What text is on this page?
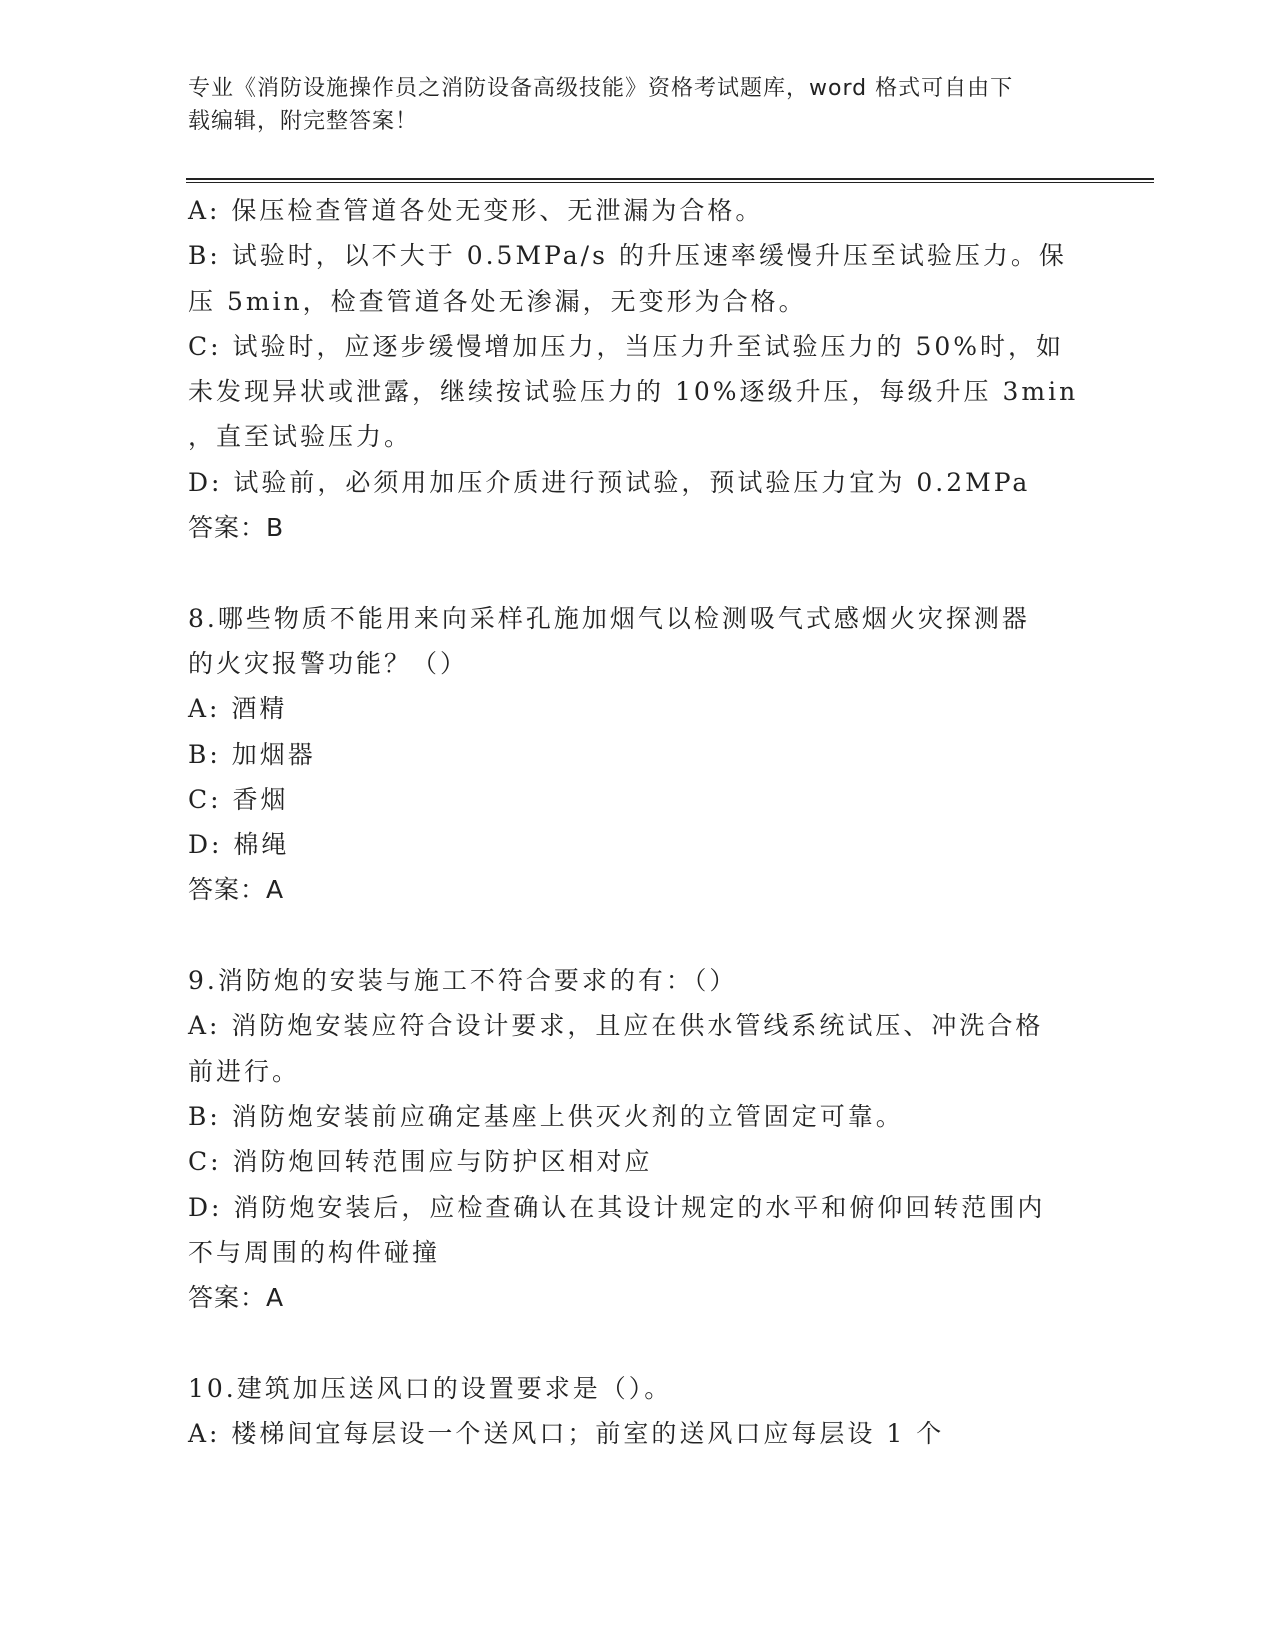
专业《消防设施操作员之消防设备高级技能》资格考试题库，word 格式可自由下
载编辑，附完整答案！
A: 保压检查管道各处无变形、无泄漏为合格。
B: 试验时，以不大于 0.5MPa/s 的升压速率缓慢升压至试验压力。保
压 5min，检查管道各处无渗漏，无变形为合格。
C: 试验时，应逐步缓慢增加压力，当压力升至试验压力的 50%时，如
未发现异状或泄露，继续按试验压力的 10%逐级升压，每级升压 3min
，直至试验压力。
D: 试验前，必须用加压介质进行预试验，预试验压力宜为 0.2MPa
答案：B
8.哪些物质不能用来向采样孔施加烟气以检测吸气式感烟火灾探测器
的火灾报警功能？（）
A: 酒精
B: 加烟器
C: 香烟
D: 棉绳
答案：A
9.消防炮的安装与施工不符合要求的有：（）
A: 消防炮安装应符合设计要求，且应在供水管线系统试压、冲洗合格
前进行。
B: 消防炮安装前应确定基座上供灭火剂的立管固定可靠。
C: 消防炮回转范围应与防护区相对应
D: 消防炮安装后，应检查确认在其设计规定的水平和俯仰回转范围内
不与周围的构件碰撞
答案：A
10.建筑加压送风口的设置要求是（）。
A: 楼梯间宜每层设一个送风口；前室的送风口应每层设 1 个
